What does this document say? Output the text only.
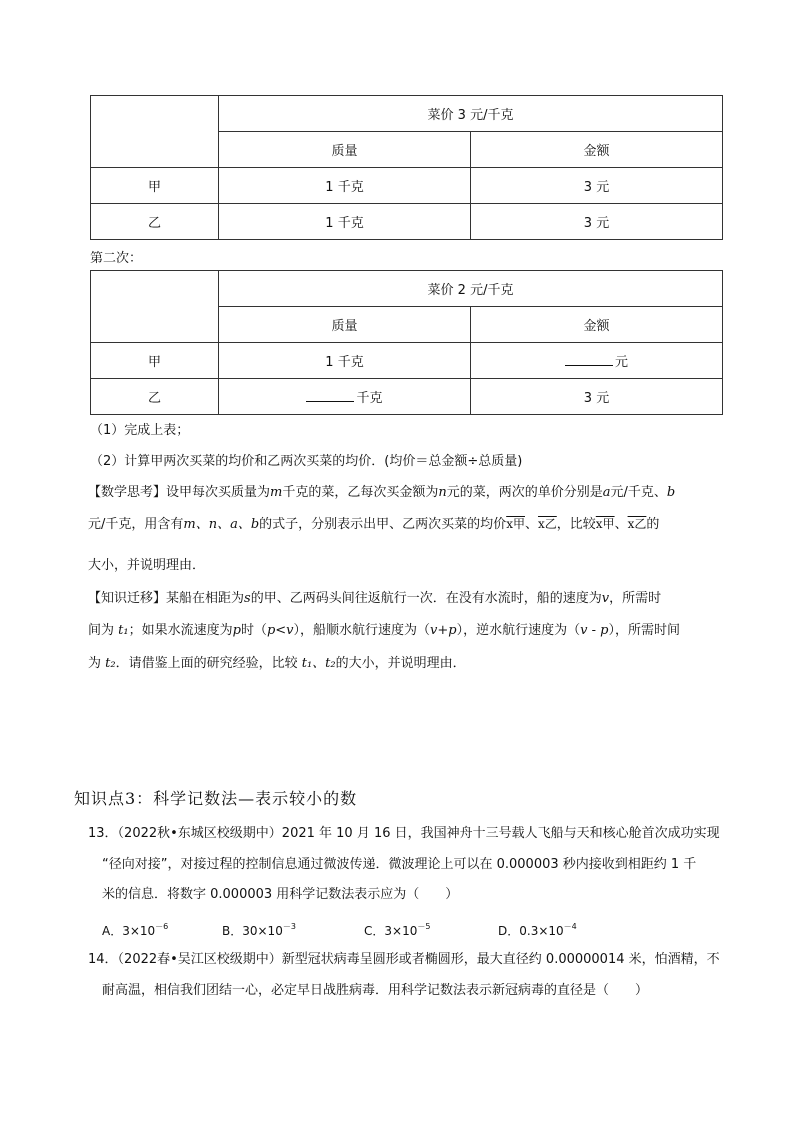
	菜价 3 元/千克	
	质量	金额
甲	1 千克	3 元
乙	1 千克	3 元
第二次：
	菜价 2 元/千克	
	质量	金额
甲	1 千克	元
乙	千克	3 元
（1）完成上表；
（2）计算甲两次买菜的均价和乙两次买菜的均价．(均价＝总金额÷总质量)
【数学思考】设甲每次买质量为m千克的菜，乙每次买金额为n元的菜，两次的单价分别是a元/千克、b
元/千克，用含有m、n、a、b的式子，分别表示出甲、乙两次买菜的均价x甲、x乙，比较x甲、x乙的
大小，并说明理由．
【知识迁移】某船在相距为s的甲、乙两码头间往返航行一次．在没有水流时，船的速度为v，所需时
间为 t₁；如果水流速度为p时（p<v），船顺水航行速度为（v+p），逆水航行速度为（v - p），所需时间
为 t₂．请借鉴上面的研究经验，比较 t₁、t₂的大小，并说明理由．
知识点3：科学记数法—表示较小的数
13．（2022秋•东城区校级期中）2021 年 10 月 16 日，我国神舟十三号载人飞船与天和核心舱首次成功实现
“径向对接”，对接过程的控制信息通过微波传递．微波理论上可以在 0.000003 秒内接收到相距约 1 千
米的信息．将数字 0.000003 用科学记数法表示应为（　　）
A．$3\times 10^{-6}$	B．$30\times 10^{-3}$	C．$3\times 10^{-5}$	D．$0.3\times 10^{-4}$
14．（2022春•吴江区校级期中）新型冠状病毒呈圆形或者椭圆形，最大直径约 0.00000014 米，怕酒精，不
耐高温，相信我们团结一心，必定早日战胜病毒．用科学记数法表示新冠病毒的直径是（　　）
